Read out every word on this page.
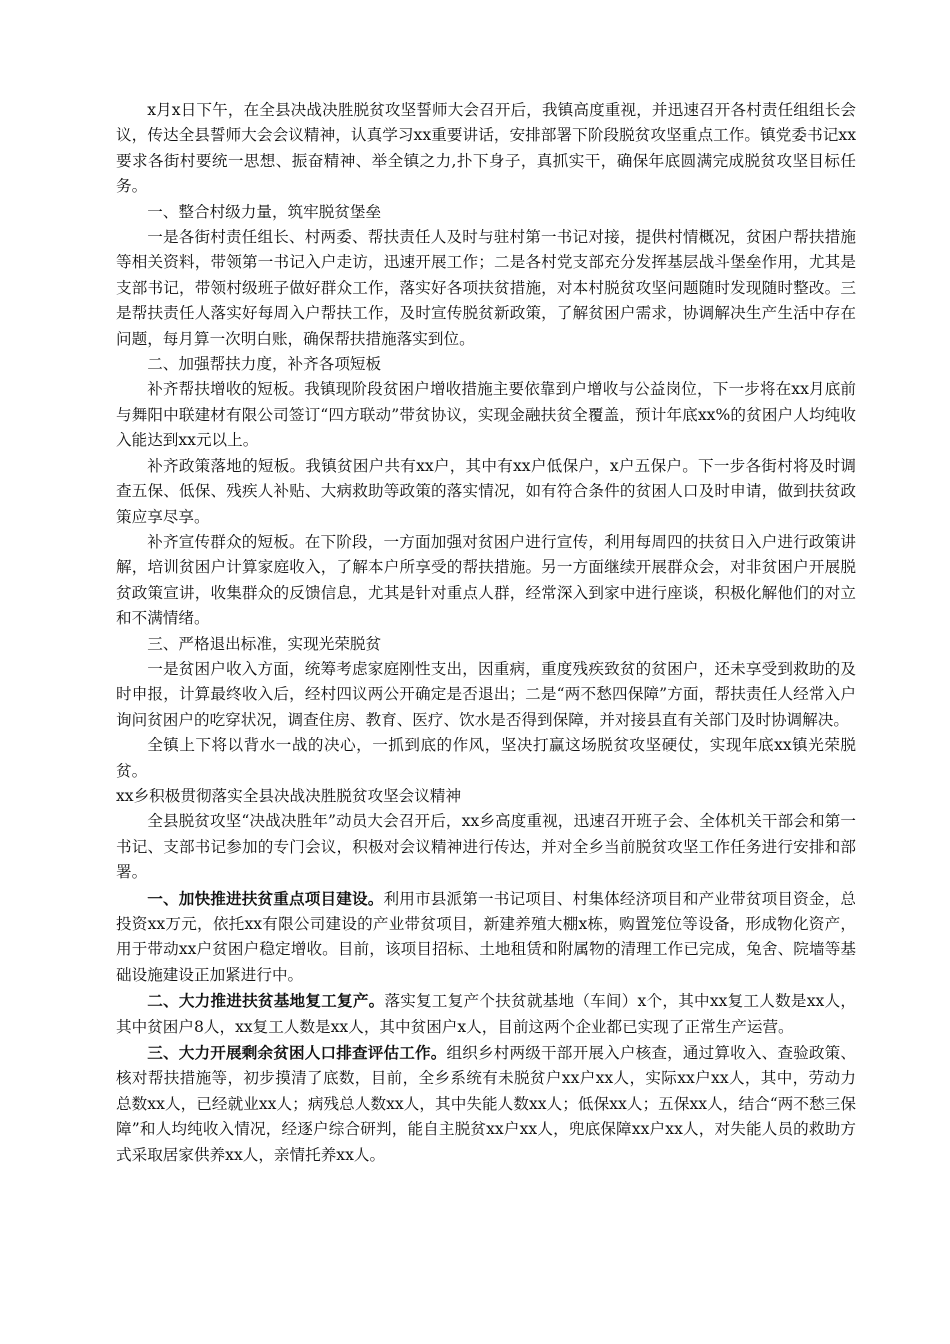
x月x日下午，在全县决战决胜脱贫攻坚誓师大会召开后，我镇高度重视，并迅速召开各村责任组组长会议，传达全县誓师大会会议精神，认真学习xx重要讲话，安排部署下阶段脱贫攻坚重点工作。镇党委书记xx要求各街村要统一思想、振奋精神、举全镇之力,扑下身子，真抓实干，确保年底圆满完成脱贫攻坚目标任务。

一、整合村级力量，筑牢脱贫堡垒

一是各街村责任组长、村两委、帮扶责任人及时与驻村第一书记对接，提供村情概况，贫困户帮扶措施等相关资料，带领第一书记入户走访，迅速开展工作；二是各村党支部充分发挥基层战斗堡垒作用，尤其是支部书记，带领村级班子做好群众工作，落实好各项扶贫措施，对本村脱贫攻坚问题随时发现随时整改。三是帮扶责任人落实好每周入户帮扶工作，及时宣传脱贫新政策，了解贫困户需求，协调解决生产生活中存在问题，每月算一次明白账，确保帮扶措施落实到位。

二、加强帮扶力度，补齐各项短板

补齐帮扶增收的短板。我镇现阶段贫困户增收措施主要依靠到户增收与公益岗位，下一步将在xx月底前与舞阳中联建材有限公司签订“四方联动”带贫协议，实现金融扶贫全覆盖，预计年底xx%的贫困户人均纯收入能达到xx元以上。

补齐政策落地的短板。我镇贫困户共有xx户，其中有xx户低保户，x户五保户。下一步各街村将及时调查五保、低保、残疾人补贴、大病救助等政策的落实情况，如有符合条件的贫困人口及时申请，做到扶贫政策应享尽享。

补齐宣传群众的短板。在下阶段，一方面加强对贫困户进行宣传，利用每周四的扶贫日入户进行政策讲解，培训贫困户计算家庭收入，了解本户所享受的帮扶措施。另一方面继续开展群众会，对非贫困户开展脱贫政策宣讲，收集群众的反馈信息，尤其是针对重点人群，经常深入到家中进行座谈，积极化解他们的对立和不满情绪。

三、严格退出标准，实现光荣脱贫

一是贫困户收入方面，统筹考虑家庭刚性支出，因重病，重度残疾致贫的贫困户，还未享受到救助的及时申报，计算最终收入后，经村四议两公开确定是否退出；二是“两不愁四保障”方面，帮扶责任人经常入户询问贫困户的吃穿状况，调查住房、教育、医疗、饮水是否得到保障，并对接县直有关部门及时协调解决。

全镇上下将以背水一战的决心，一抓到底的作风，坚决打赢这场脱贫攻坚硬仗，实现年底xx镇光荣脱贫。

xx乡积极贯彻落实全县决战决胜脱贫攻坚会议精神

全县脱贫攻坚“决战决胜年”动员大会召开后，xx乡高度重视，迅速召开班子会、全体机关干部会和第一书记、支部书记参加的专门会议，积极对会议精神进行传达，并对全乡当前脱贫攻坚工作任务进行安排和部署。

一、加快推进扶贫重点项目建设。利用市县派第一书记项目、村集体经济项目和产业带贫项目资金，总投资xx万元，依托xx有限公司建设的产业带贫项目，新建养殖大棚x栋，购置笼位等设备，形成物化资产，用于带动xx户贫困户稳定增收。目前，该项目招标、土地租赁和附属物的清理工作已完成，兔舍、院墙等基础设施建设正加紧进行中。

二、大力推进扶贫基地复工复产。落实复工复产个扶贫就基地（车间）x个，其中xx复工人数是xx人，其中贫困户8人，xx复工人数是xx人，其中贫困户x人，目前这两个企业都已实现了正常生产运营。

三、大力开展剩余贫困人口排查评估工作。组织乡村两级干部开展入户核查，通过算收入、查验政策、核对帮扶措施等，初步摸清了底数，目前，全乡系统有未脱贫户xx户xx人，实际xx户xx人，其中，劳动力总数xx人，已经就业xx人；病残总人数xx人，其中失能人数xx人；低保xx人；五保xx人，结合“两不愁三保障”和人均纯收入情况，经逐户综合研判，能自主脱贫xx户xx人，兜底保障xx户xx人，对失能人员的救助方式采取居家供养xx人，亲情托养xx人。
